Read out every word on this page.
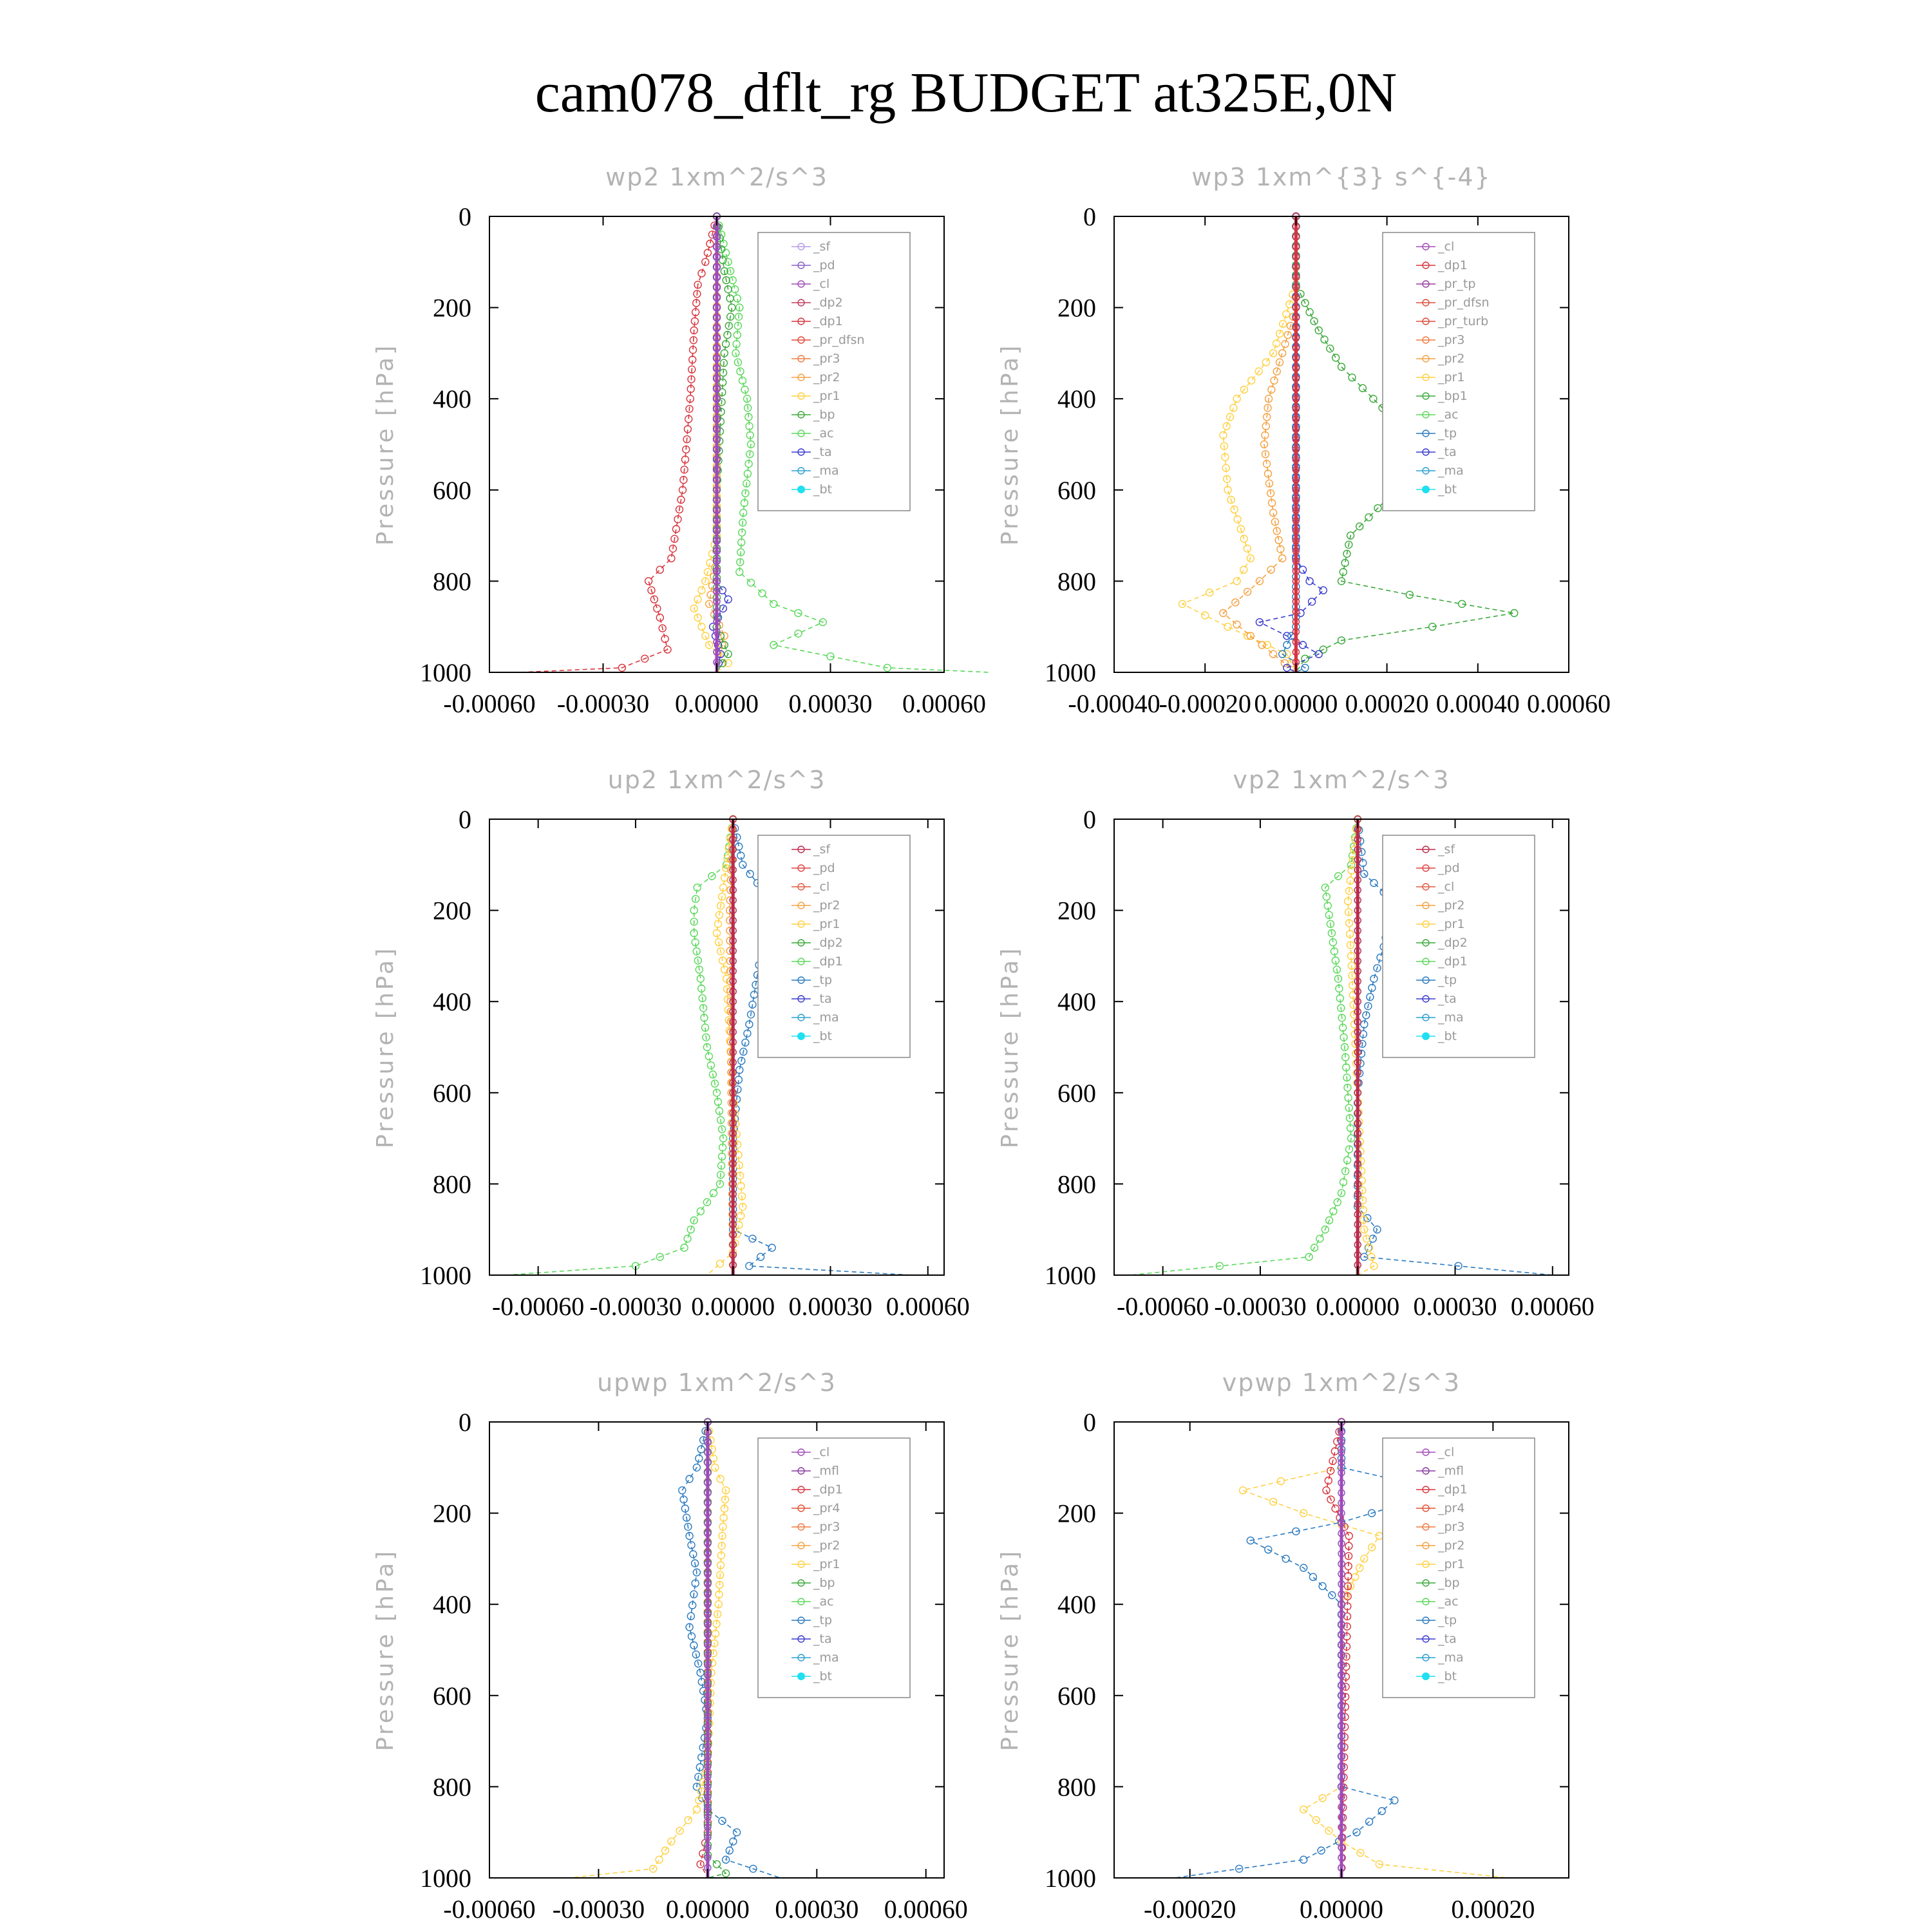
cam078_dflt_rg BUDGET at325E,0N
wp2 1xm^2/s^3
Pressure [hPa]
0
200
400
600
800
1000
-0.00060 -0.00030 0.00000 0.00030 0.00060
_sf
_pd
_cl
_dp2
_dp1
_pr_dfsn
_pr3
_pr2
_pr1
_bp
_ac
_ta
_ma
_bt
wp3 1xm^{3} s^{-4}
Pressure [hPa]
0
200
400
600
800
1000
-0.00040
-0.00020 0.00000 0.00020 0.00040 0.00060
_cl
_dp1
_pr_tp
_pr_dfsn
_pr_turb
_pr3
_pr2
_pr1
_bp1
_ac
_tp
_ta
_ma
_bt
up2 1xm^2/s^3
Pressure [hPa]
0
200
400
600
800
1000
-0.00060 -0.00030 0.00000 0.00030 0.00060
_sf
_pd
_cl
_pr2
_pr1
_dp2
_dp1
_tp
_ta
_ma
_bt
vp2 1xm^2/s^3
Pressure [hPa]
0
200
400
600
800
1000
-0.00060 -0.00030 0.00000 0.00030 0.00060
_sf
_pd
_cl
_pr2
_pr1
_dp2
_dp1
_tp
_ta
_ma
_bt
upwp 1xm^2/s^3
Pressure [hPa]
0
200
400
600
800
1000
-0.00060 -0.00030 0.00000 0.00030 0.00060
_cl
_mfl
_dp1
_pr4
_pr3
_pr2
_pr1
_bp
_ac
_tp
_ta
_ma
_bt
vpwp 1xm^2/s^3
Pressure [hPa]
0
200
400
600
800
1000
-0.00020 0.00000	0.00020
_cl
_mfl
_dp1
_pr4
_pr3
_pr2
_pr1
_bp
_ac
_tp
_ta
_ma
_bt
